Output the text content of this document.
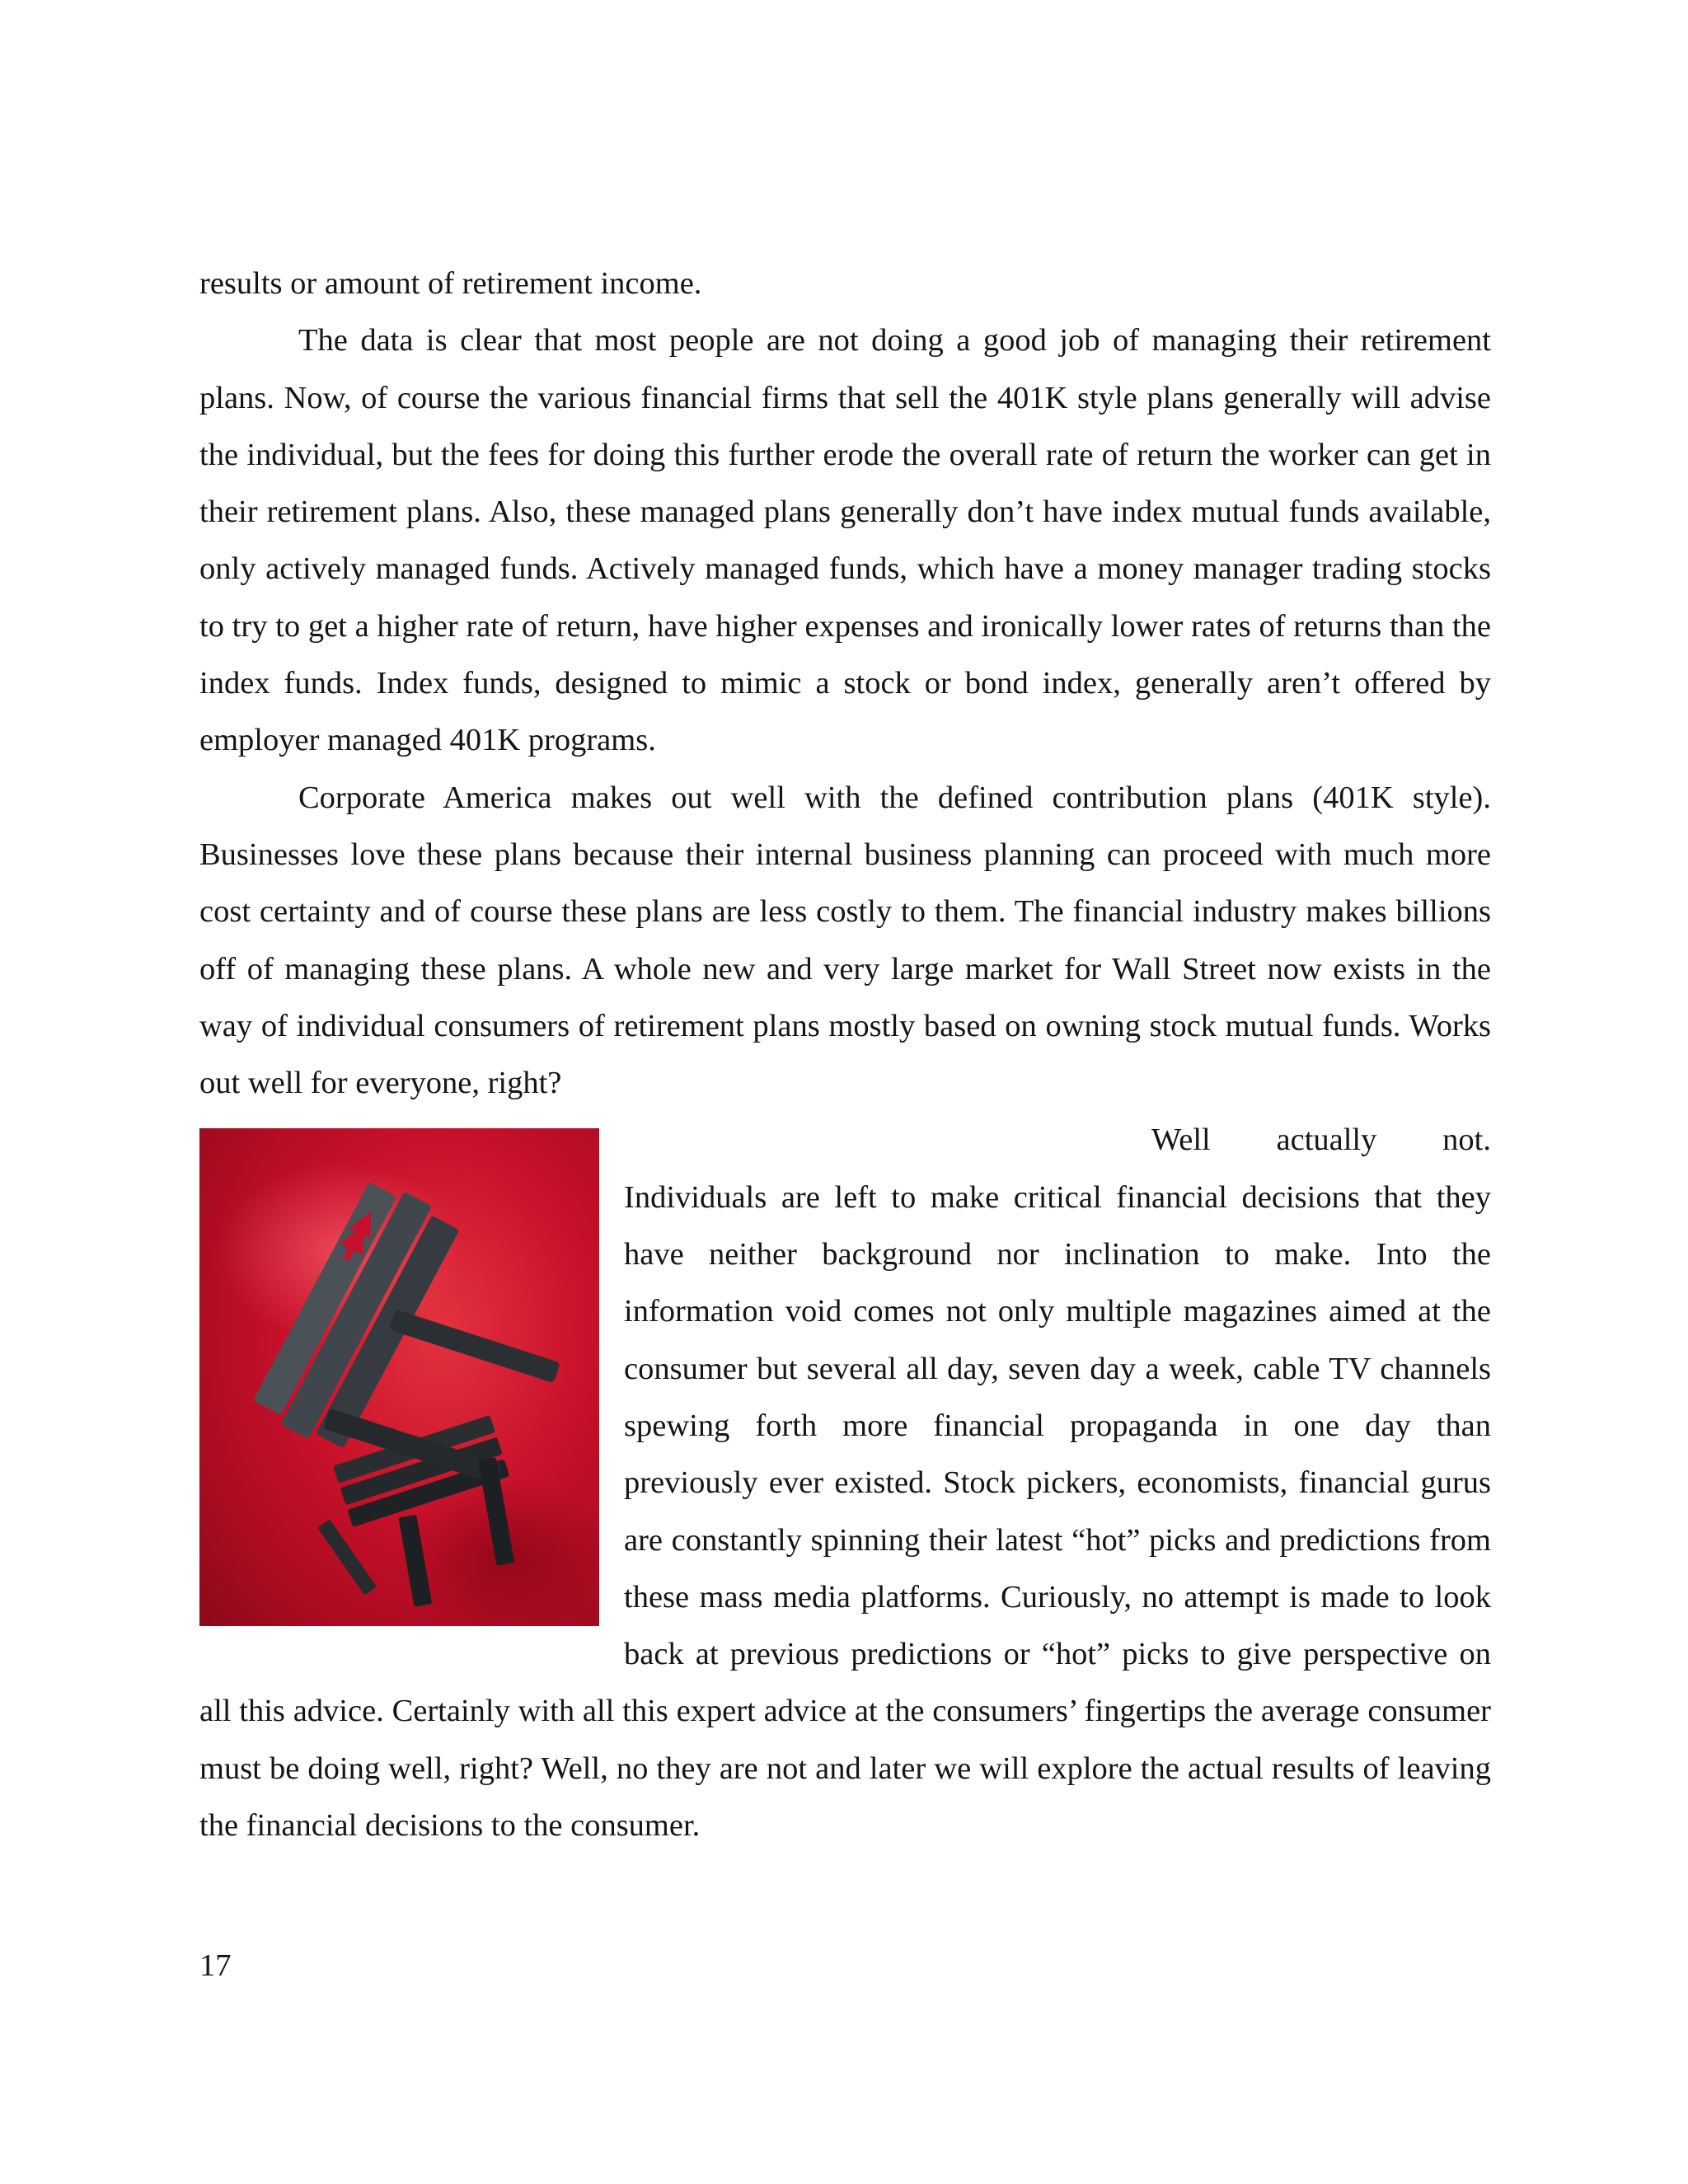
results or amount of retirement income.

The data is clear that most people are not doing a good job of managing their retirement plans. Now, of course the various financial firms that sell the 401K style plans generally will advise the individual, but the fees for doing this further erode the overall rate of return the worker can get in their retirement plans. Also, these managed plans generally don’t have index mutual funds available, only actively managed funds. Actively managed funds, which have a money manager trading stocks to try to get a higher rate of return, have higher expenses and ironically lower rates of returns than the index funds. Index funds, designed to mimic a stock or bond index, generally aren’t offered by employer managed 401K programs.

Corporate America makes out well with the defined contribution plans (401K style). Businesses love these plans because their internal business planning can proceed with much more cost certainty and of course these plans are less costly to them. The financial industry makes billions off of managing these plans. A whole new and very large market for Wall Street now exists in the way of individual consumers of retirement plans mostly based on owning stock mutual funds. Works out well for everyone, right?

Well actually not. Individuals are left to make critical financial decisions that they have neither background nor inclination to make. Into the information void comes not only multiple magazines aimed at the consumer but several all day, seven day a week, cable TV channels spewing forth more financial propaganda in one day than previously ever existed. Stock pickers, economists, financial gurus are constantly spinning their latest “hot” picks and predictions from these mass media platforms. Curiously, no attempt is made to look back at previous predictions or “hot” picks to give perspective on all this advice. Certainly with all this expert advice at the consumers’ fingertips the average consumer must be doing well, right? Well, no they are not and later we will explore the actual results of leaving the financial decisions to the consumer.

17
